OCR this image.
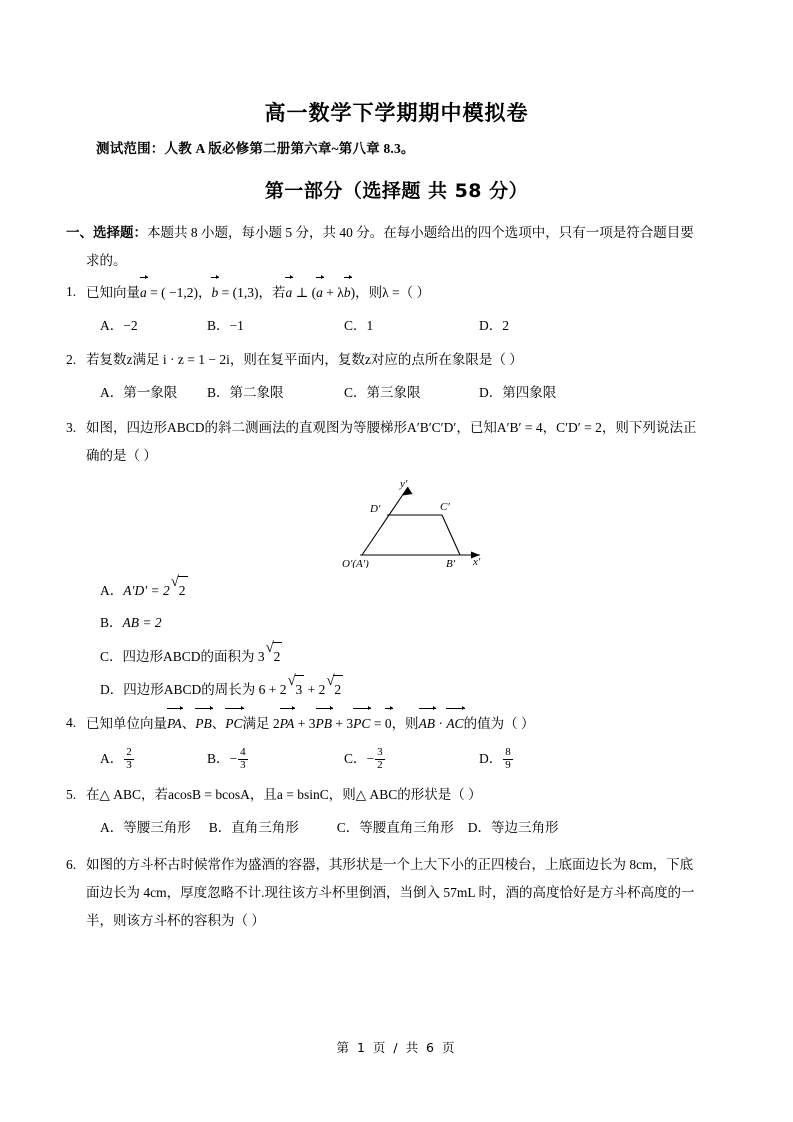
高一数学下学期期中模拟卷
测试范围：人教 A 版必修第二册第六章~第八章 8.3。
第一部分（选择题 共 58 分）
一、选择题：本题共 8 小题，每小题 5 分，共 40 分。在每小题给出的四个选项中，只有一项是符合题目要
求的。
1. 已知向量a = ( −1,2)，b = (1,3)，若a ⊥ (a + λb)，则λ =（ ）
A．−2	B．−1	C．1	D．2
2. 若复数z满足 i · z = 1 − 2i，则在复平面内，复数z对应的点所在象限是（ ）
A．第一象限 B．第二象限	C．第三象限	D．第四象限
3. 如图，四边形ABCD的斜二测画法的直观图为等腰梯形A′B′C′D′，已知A′B′ = 4，C′D′ = 2，则下列说法正
确的是（ ）
y′
x′
D′	C′
O′(A′)	B′
A．A′D′ = 2
√
2
B．AB = 2
C．四边形ABCD的面积为 3
√
2
D．四边形ABCD的周长为 6 + 2
√
3 + 2
√
2
4. 已知单位向量PA、PB、PC满足 2PA + 3PB + 3PC = 0，则AB · AC的值为（ ）
A． $\frac{2}{3}$	B．− $\frac{4}{3}$	C．− $\frac{3}{2}$	D． $\frac{8}{9}$
5. 在△ ABC，若acosB = bcosA，且a = bsinC，则△ ABC的形状是（ ）
A．等腰三角形 B．直角三角形	C．等腰直角三角形 D．等边三角形
6. 如图的方斗杯古时候常作为盛酒的容器，其形状是一个上大下小的正四棱台，上底面边长为 8cm，下底
面边长为 4cm，厚度忽略不计.现往该方斗杯里倒酒，当倒入 57mL 时，酒的高度恰好是方斗杯高度的一
半，则该方斗杯的容积为（ ）
第 1 页 / 共 6 页
